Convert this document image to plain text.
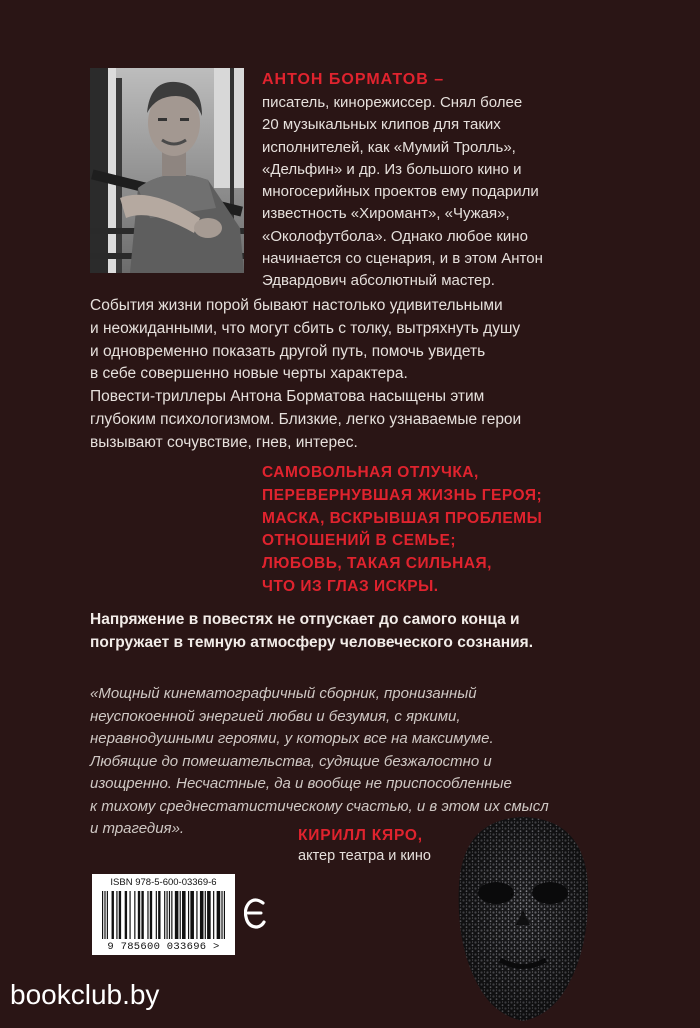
АНТОН БОРМАТОВ –
писатель, кинорежиссер. Снял более
20 музыкальных клипов для таких
исполнителей, как «Мумий Тролль»,
«Дельфин» и др. Из большого кино и
многосерийных проектов ему подарили
известность «Хиромант», «Чужая»,
«Околофутбола». Однако любое кино
начинается со сценария, и в этом Антон
Эдвардович абсолютный мастер.
События жизни порой бывают настолько удивительными
и неожиданными, что могут сбить с толку, вытряхнуть душу
и одновременно показать другой путь, помочь увидеть
в себе совершенно новые черты характера.
Повести-триллеры Антона Борматова насыщены этим
глубоким психологизмом. Близкие, легко узнаваемые герои
вызывают сочувствие, гнев, интерес.
САМОВОЛЬНАЯ ОТЛУЧКА,
ПЕРЕВЕРНУВШАЯ ЖИЗНЬ ГЕРОЯ;
МАСКА, ВСКРЫВШАЯ ПРОБЛЕМЫ
ОТНОШЕНИЙ В СЕМЬЕ;
ЛЮБОВЬ, ТАКАЯ СИЛЬНАЯ,
ЧТО ИЗ ГЛАЗ ИСКРЫ.
Напряжение в повестях не отпускает до самого конца и
погружает в темную атмосферу человеческого сознания.
«Мощный кинематографичный сборник, пронизанный
неуспокоенной энергией любви и безумия, с яркими,
неравнодушными героями, у которых все на максимуме.
Любящие до помешательства, судящие безжалостно и
изощренно. Несчастные, да и вообще не приспособленные
к тихому среднестатистическому счастью, и в этом их смысл
и трагедия».	КИРИЛЛ КЯРО,
актер театра и кино
ISBN 978-5-600-03369-6
9 785600 033696 >
bookclub.by
